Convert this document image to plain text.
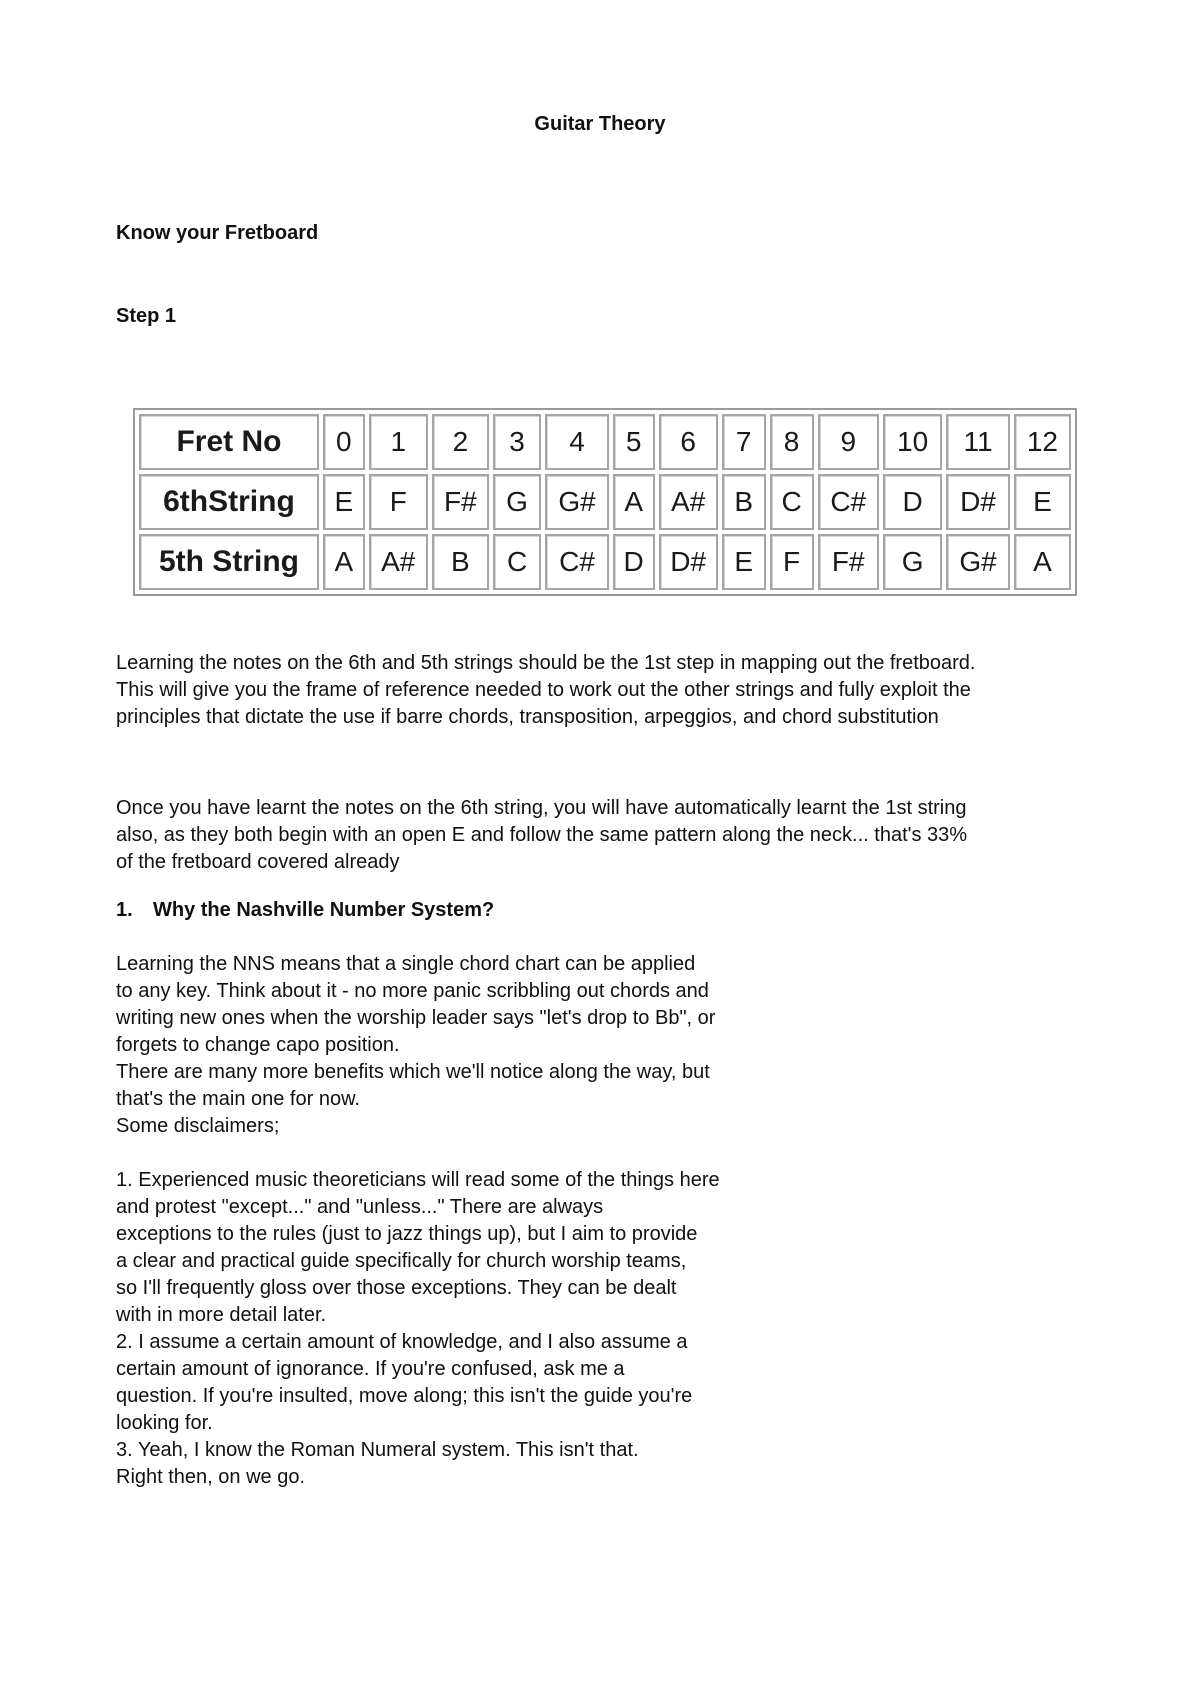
Guitar Theory
Know your Fretboard
Step 1
Fret No	0	1	2	3	4	5	6	7	8	9	10	11	12
6thString	E	F	F#	G	G#	A	A#	B	C	C#	D	D#	E
5th String	A	A#	B	C	C#	D	D#	E	F	F#	G	G#	A

Learning the notes on the 6th and 5th strings should be the 1st step in mapping out the fretboard.
This will give you the frame of reference needed to work out the other strings and fully exploit the
principles that dictate the use if barre chords, transposition, arpeggios, and chord substitution

Once you have learnt the notes on the 6th string, you will have automatically learnt the 1st string
also, as they both begin with an open E and follow the same pattern along the neck... that's 33%
of the fretboard covered already

1. Why the Nashville Number System?

Learning the NNS means that a single chord chart can be applied
to any key. Think about it - no more panic scribbling out chords and
writing new ones when the worship leader says "let's drop to Bb", or
forgets to change capo position.
There are many more benefits which we'll notice along the way, but
that's the main one for now.
Some disclaimers;

1. Experienced music theoreticians will read some of the things here
and protest "except..." and "unless..." There are always
exceptions to the rules (just to jazz things up), but I aim to provide
a clear and practical guide specifically for church worship teams,
so I'll frequently gloss over those exceptions. They can be dealt
with in more detail later.
2. I assume a certain amount of knowledge, and I also assume a
certain amount of ignorance. If you're confused, ask me a
question. If you're insulted, move along; this isn't the guide you're
looking for.
3. Yeah, I know the Roman Numeral system. This isn't that.
Right then, on we go.
